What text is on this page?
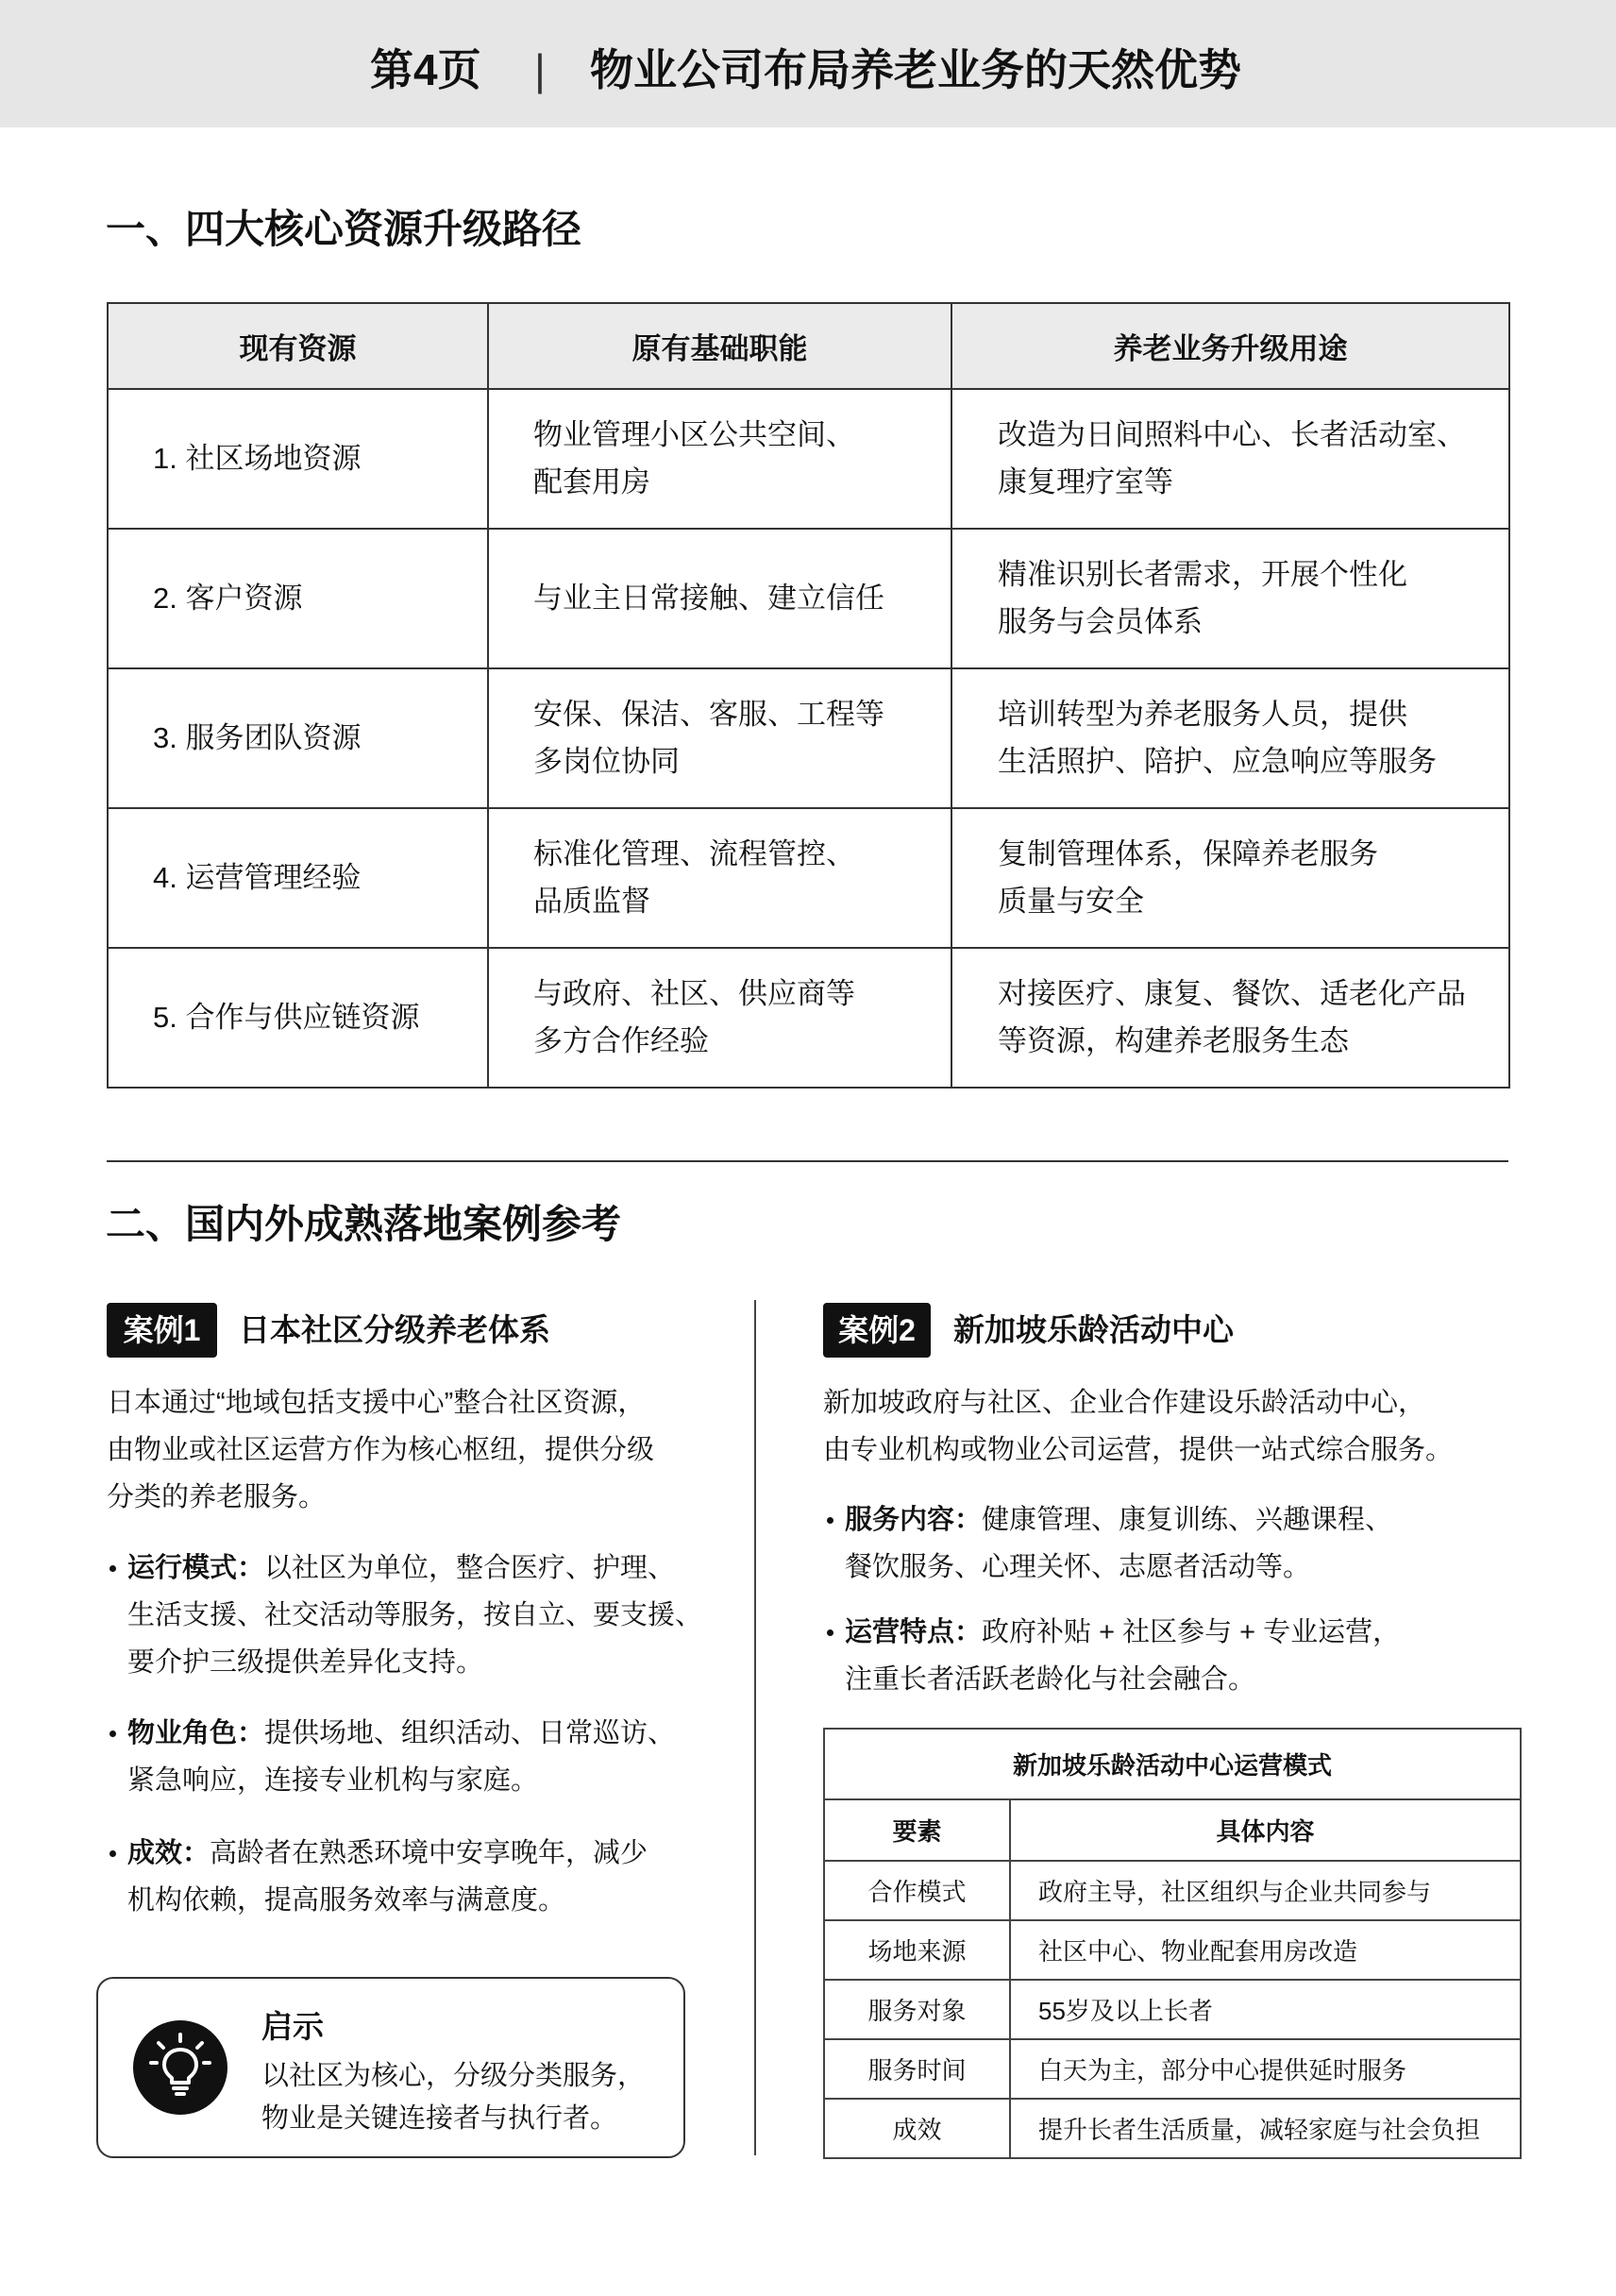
第4页 | 物业公司布局养老业务的天然优势
一、四大核心资源升级路径
现有资源	原有基础职能	养老业务升级用途

1. 社区场地资源	物业管理小区公共空间、
配套用房	改造为日间照料中心、长者活动室、
康复理疗室等

2. 客户资源	与业主日常接触、建立信任	精准识别长者需求，开展个性化
服务与会员体系

3. 服务团队资源	安保、保洁、客服、工程等
多岗位协同	培训转型为养老服务人员，提供
生活照护、陪护、应急响应等服务

4. 运营管理经验	标准化管理、流程管控、
品质监督	复制管理体系，保障养老服务
质量与安全

5. 合作与供应链资源	与政府、社区、供应商等
多方合作经验	对接医疗、康复、餐饮、适老化产品
等资源，构建养老服务生态
二、国内外成熟落地案例参考
案例1	日本社区分级养老体系
日本通过“地域包括支援中心”整合社区资源，
由物业或社区运营方作为核心枢纽，提供分级
分类的养老服务。
运行模式：以社区为单位，整合医疗、护理、
生活支援、社交活动等服务，按自立、要支援、
要介护三级提供差异化支持。
物业角色：提供场地、组织活动、日常巡访、
紧急响应，连接专业机构与家庭。
成效：高龄者在熟悉环境中安享晚年，减少
机构依赖，提高服务效率与满意度。
启示
以社区为核心，分级分类服务，
物业是关键连接者与执行者。
案例2	新加坡乐龄活动中心
新加坡政府与社区、企业合作建设乐龄活动中心，
由专业机构或物业公司运营，提供一站式综合服务。
服务内容：健康管理、康复训练、兴趣课程、
餐饮服务、心理关怀、志愿者活动等。
运营特点：政府补贴 + 社区参与 + 专业运营，
注重长者活跃老龄化与社会融合。
新加坡乐龄活动中心运营模式	
要素	具体内容
合作模式	政府主导，社区组织与企业共同参与
场地来源	社区中心、物业配套用房改造
服务对象	55岁及以上长者
服务时间	白天为主，部分中心提供延时服务
成效	提升长者生活质量，减轻家庭与社会负担
